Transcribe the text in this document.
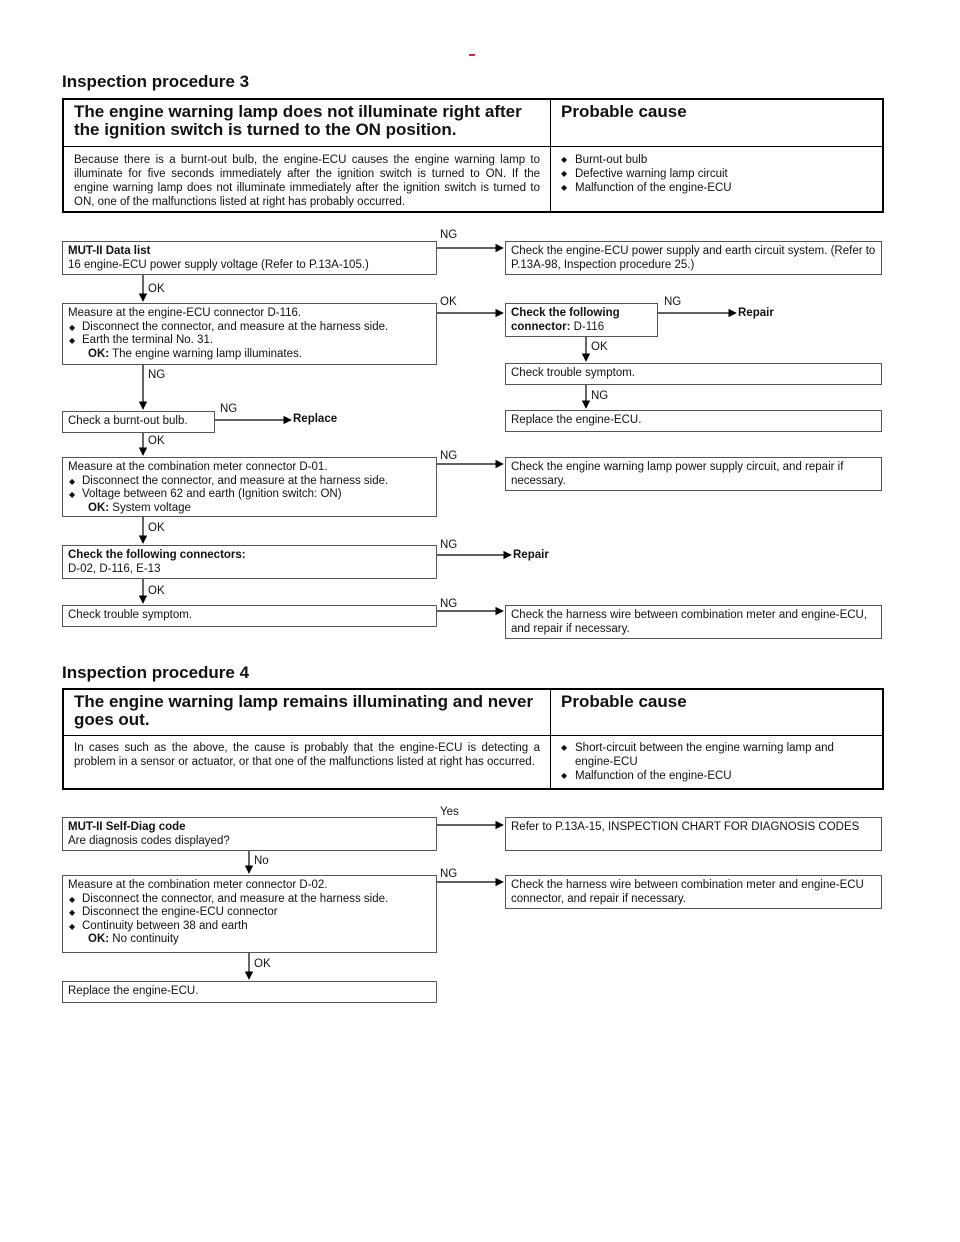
Inspection procedure 3
The engine warning lamp does not illuminate right after the ignition switch is turned to the ON position.
Probable cause
Because there is a burnt-out bulb, the engine-ECU causes the engine warning lamp to illuminate for five seconds immediately after the ignition switch is turned to ON. If the engine warning lamp does not illuminate immediately after the ignition switch is turned to ON, one of the malfunctions listed at right has probably occurred.
◆ Burnt-out bulb
◆ Defective warning lamp circuit
◆ Malfunction of the engine-ECU
MUT-II Data list
16 engine-ECU power supply voltage (Refer to P.13A-105.)
Check the engine-ECU power supply and earth circuit system. (Refer to P.13A-98, Inspection procedure 25.)
Measure at the engine-ECU connector D-116.
◆ Disconnect the connector, and measure at the harness side.
◆ Earth the terminal No. 31.
OK: The engine warning lamp illuminates.
Check the following connector: D-116
Repair
Check trouble symptom.
Replace the engine-ECU.
Check a burnt-out bulb.	Replace
Measure at the combination meter connector D-01.
◆ Disconnect the connector, and measure at the harness side.
◆ Voltage between 62 and earth (Ignition switch: ON)
OK: System voltage
Check the engine warning lamp power supply circuit, and repair if necessary.
Check the following connectors:
D-02, D-116, E-13
Repair
Check trouble symptom.	Check the harness wire between combination meter and engine-ECU, and repair if necessary.
NG
OK
OK	NG
OK
NG
NG
NG
OK
NG
OK
NG
OK
NG
Inspection procedure 4
The engine warning lamp remains illuminating and never goes out.
Probable cause
In cases such as the above, the cause is probably that the engine-ECU is detecting a problem in a sensor or actuator, or that one of the malfunctions listed at right has occurred.
◆ Short-circuit between the engine warning lamp and engine-ECU
◆ Malfunction of the engine-ECU
MUT-II Self-Diag code
Are diagnosis codes displayed?
Refer to P.13A-15, INSPECTION CHART FOR DIAGNOSIS CODES
Measure at the combination meter connector D-02.
◆ Disconnect the connector, and measure at the harness side.
◆ Disconnect the engine-ECU connector
◆ Continuity between 38 and earth
OK: No continuity
Check the harness wire between combination meter and engine-ECU connector, and repair if necessary.
Replace the engine-ECU.
Yes
No
NG
OK
